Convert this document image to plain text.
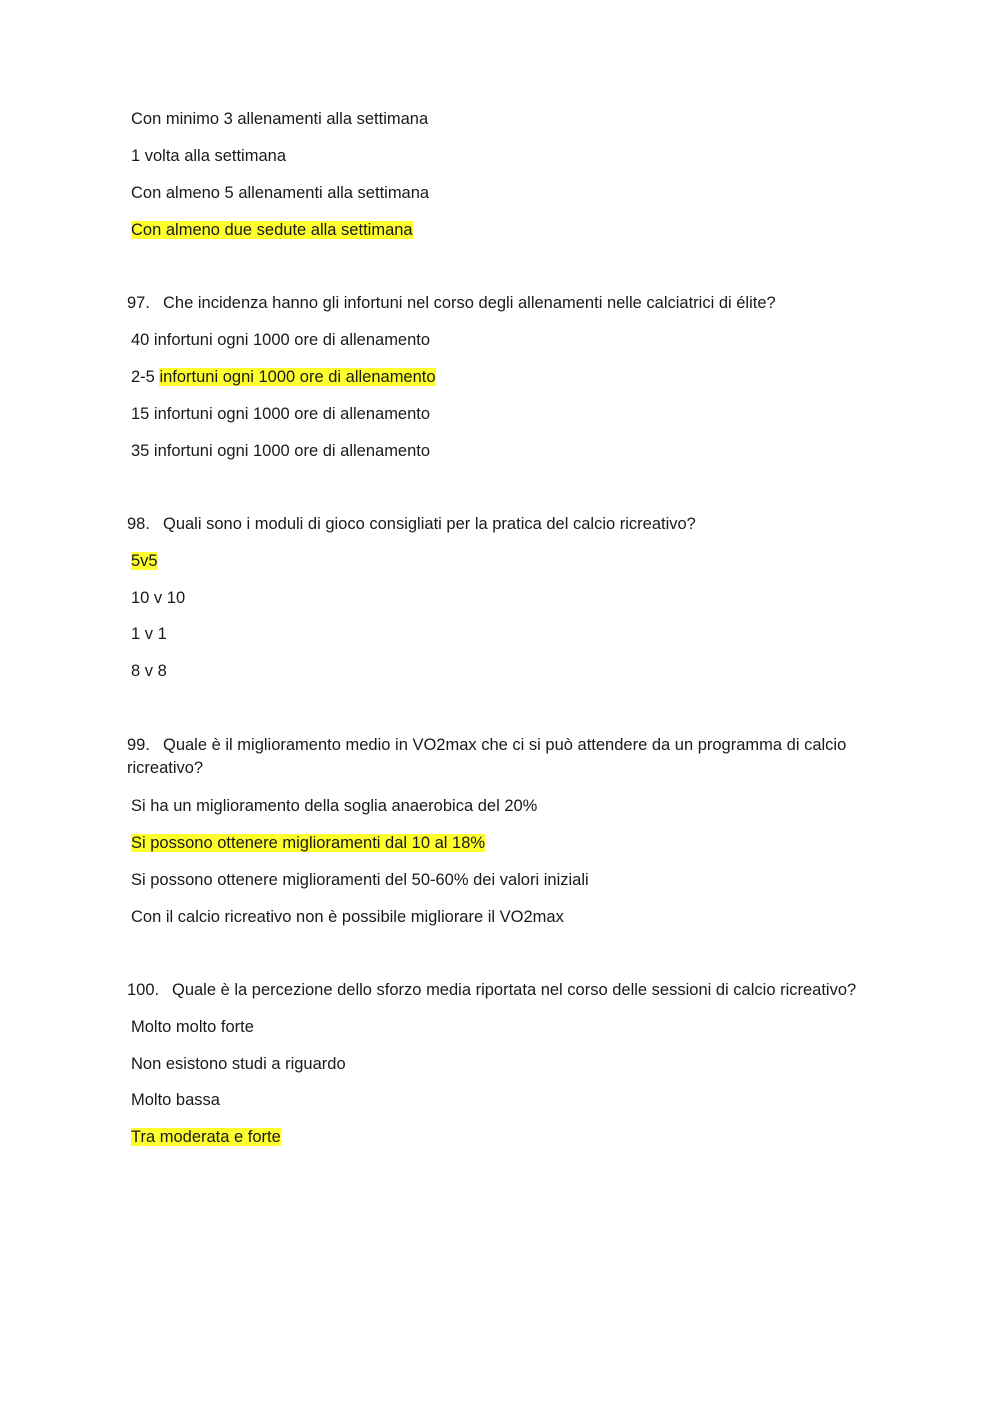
Con minimo 3 allenamenti alla settimana
1 volta alla settimana
Con almeno 5 allenamenti alla settimana
Con almeno due sedute alla settimana
97. Che incidenza hanno gli infortuni nel corso degli allenamenti nelle calciatrici di élite?
40 infortuni ogni 1000 ore di allenamento
2-5 infortuni ogni 1000 ore di allenamento
15 infortuni ogni 1000 ore di allenamento
35 infortuni ogni 1000 ore di allenamento
98. Quali sono i moduli di gioco consigliati per la pratica del calcio ricreativo?
5v5
10 v 10
1 v 1
8 v 8
99. Quale è il miglioramento medio in VO2max che ci si può attendere da un programma di calcio ricreativo?
Si ha un miglioramento della soglia anaerobica del 20%
Si possono ottenere miglioramenti dal 10 al 18%
Si possono ottenere miglioramenti del 50-60% dei valori iniziali
Con il calcio ricreativo non è possibile migliorare il VO2max
100. Quale è la percezione dello sforzo media riportata nel corso delle sessioni di calcio ricreativo?
Molto molto forte
Non esistono studi a riguardo
Molto bassa
Tra moderata e forte
